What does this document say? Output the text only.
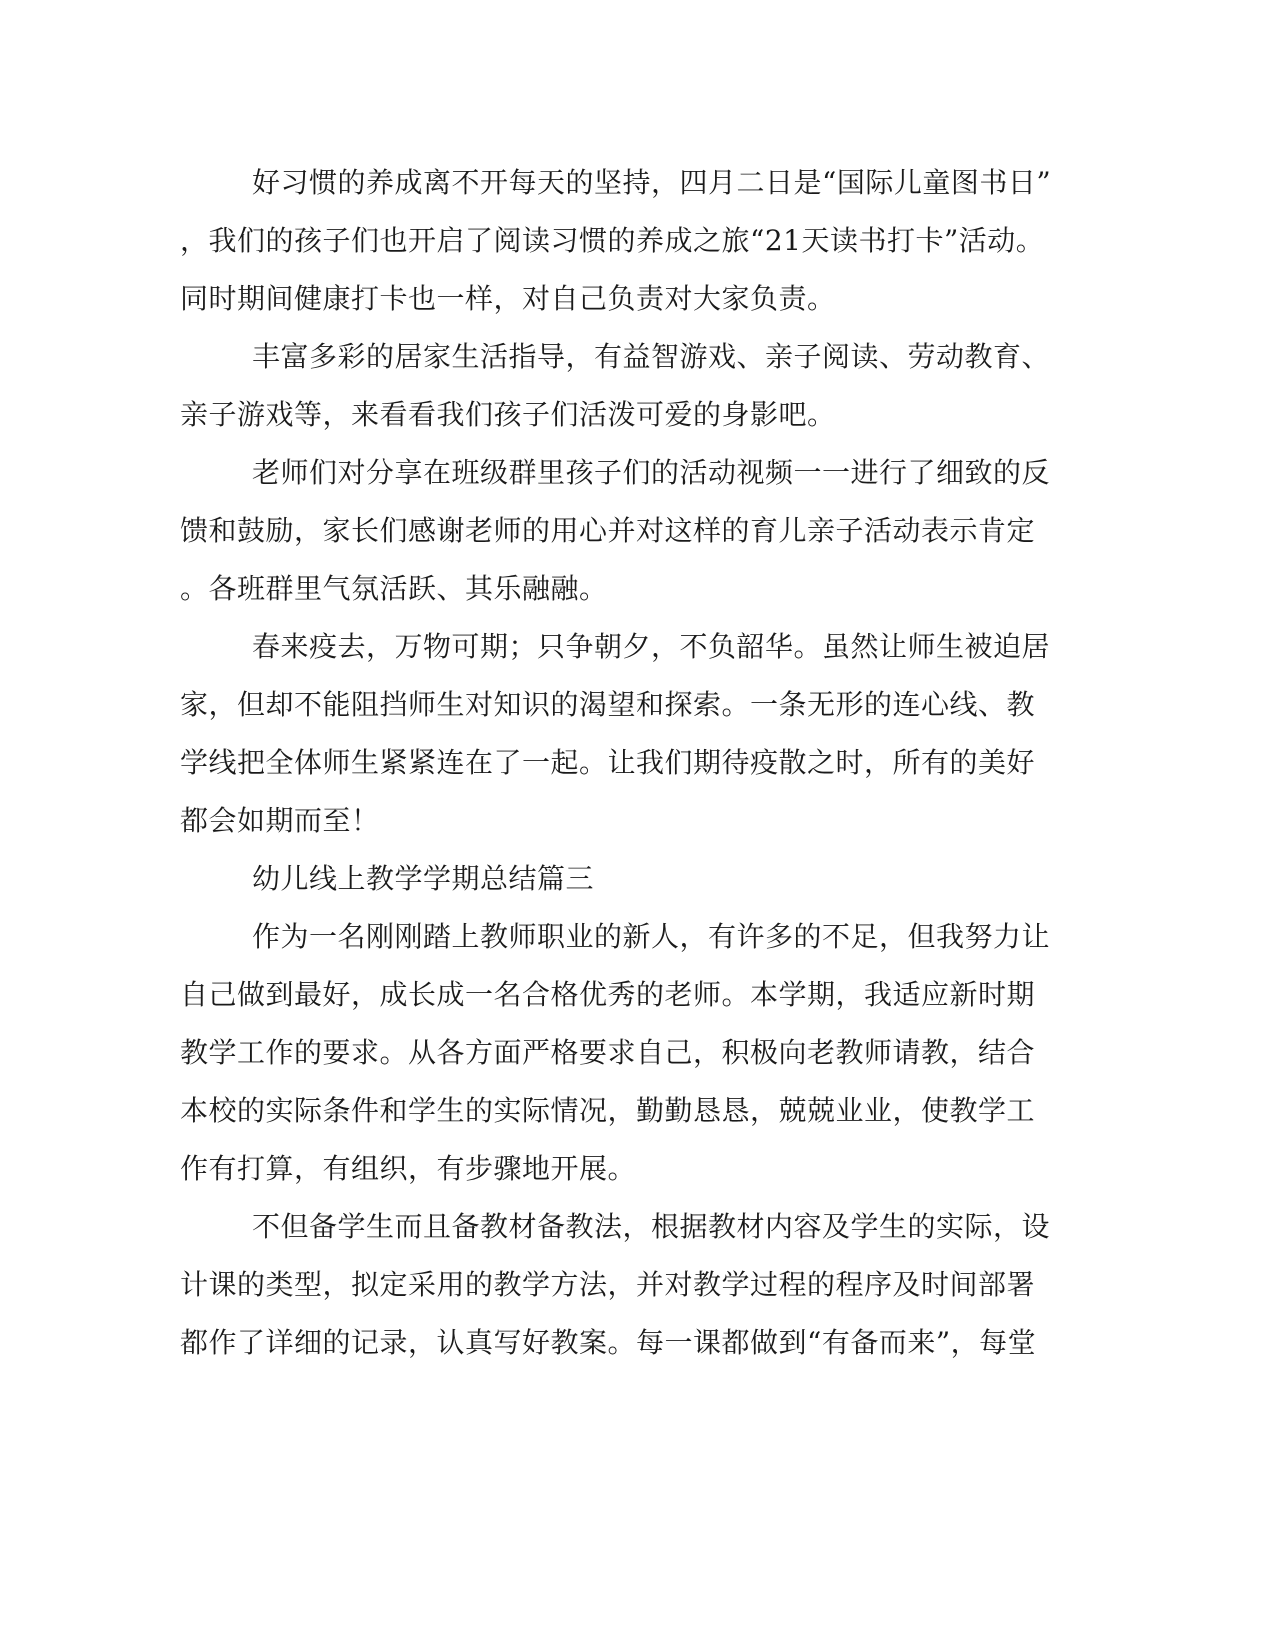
好习惯的养成离不开每天的坚持，四月二日是“国际儿童图书日”
，我们的孩子们也开启了阅读习惯的养成之旅“21天读书打卡”活动。
同时期间健康打卡也一样，对自己负责对大家负责。
丰富多彩的居家生活指导，有益智游戏、亲子阅读、劳动教育、
亲子游戏等，来看看我们孩子们活泼可爱的身影吧。
老师们对分享在班级群里孩子们的活动视频一一进行了细致的反
馈和鼓励，家长们感谢老师的用心并对这样的育儿亲子活动表示肯定
。各班群里气氛活跃、其乐融融。
春来疫去，万物可期；只争朝夕，不负韶华。虽然让师生被迫居
家，但却不能阻挡师生对知识的渴望和探索。一条无形的连心线、教
学线把全体师生紧紧连在了一起。让我们期待疫散之时，所有的美好
都会如期而至！
幼儿线上教学学期总结篇三
作为一名刚刚踏上教师职业的新人，有许多的不足，但我努力让
自己做到最好，成长成一名合格优秀的老师。本学期，我适应新时期
教学工作的要求。从各方面严格要求自己，积极向老教师请教，结合
本校的实际条件和学生的实际情况，勤勤恳恳，兢兢业业，使教学工
作有打算，有组织，有步骤地开展。
不但备学生而且备教材备教法，根据教材内容及学生的实际，设
计课的类型，拟定采用的教学方法，并对教学过程的程序及时间部署
都作了详细的记录，认真写好教案。每一课都做到“有备而来”，每堂
